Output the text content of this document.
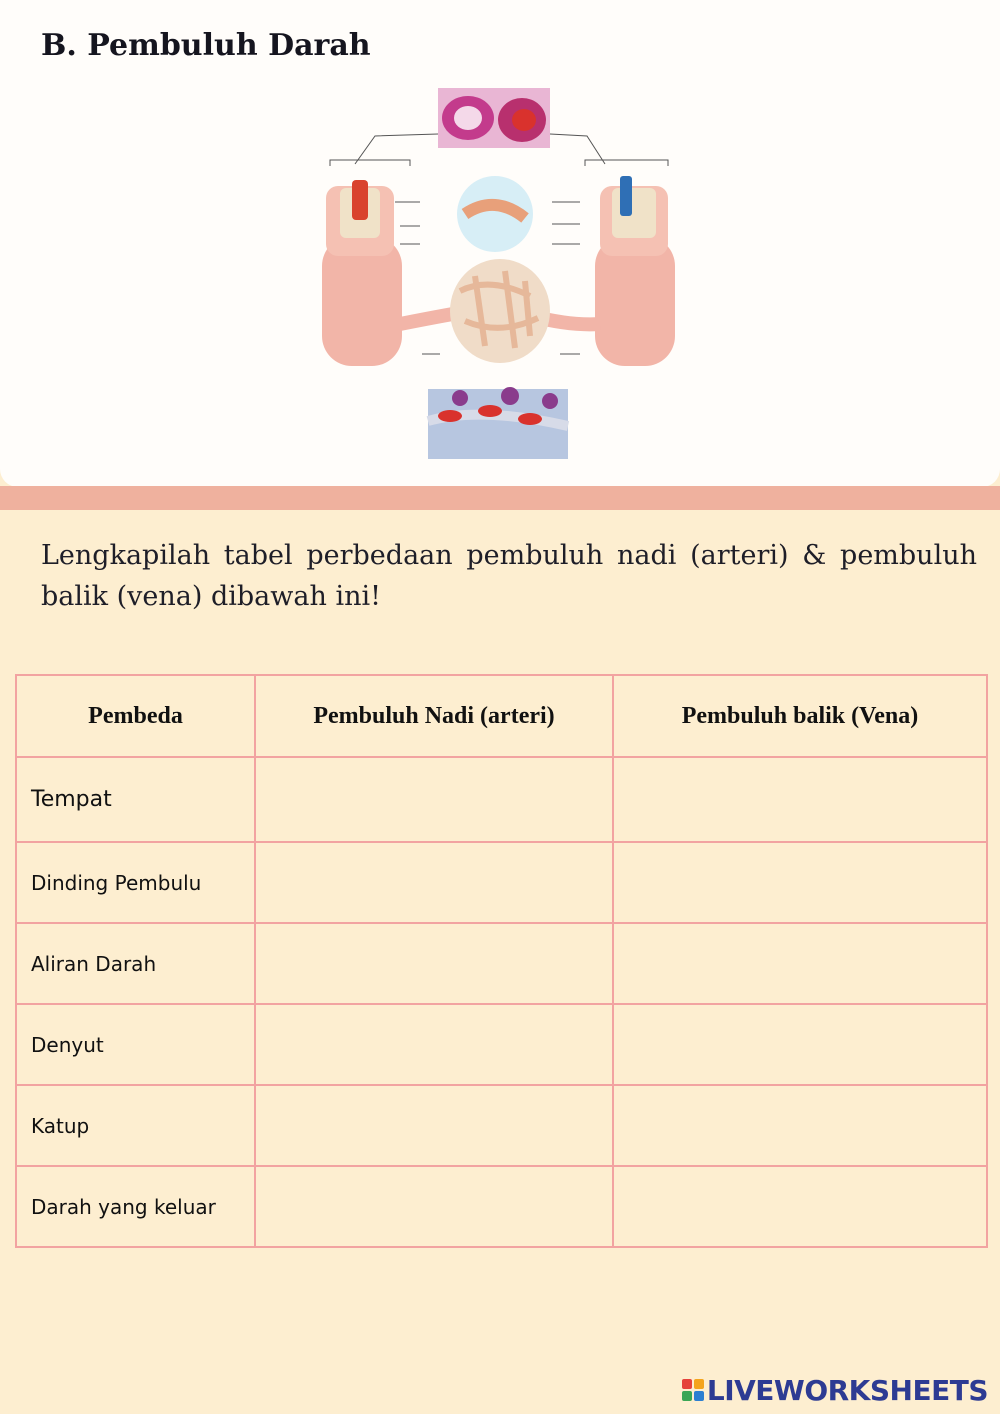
B. Pembuluh Darah

Lengkapilah tabel perbedaan pembuluh nadi (arteri) & pembuluh balik (vena) dibawah ini!

Pembeda	Pembuluh Nadi (arteri)	Pembuluh balik (Vena)
Tempat		
Dinding Pembulu		
Aliran Darah		
Denyut		
Katup		
Darah yang keluar		
LIVEWORKSHEETS
